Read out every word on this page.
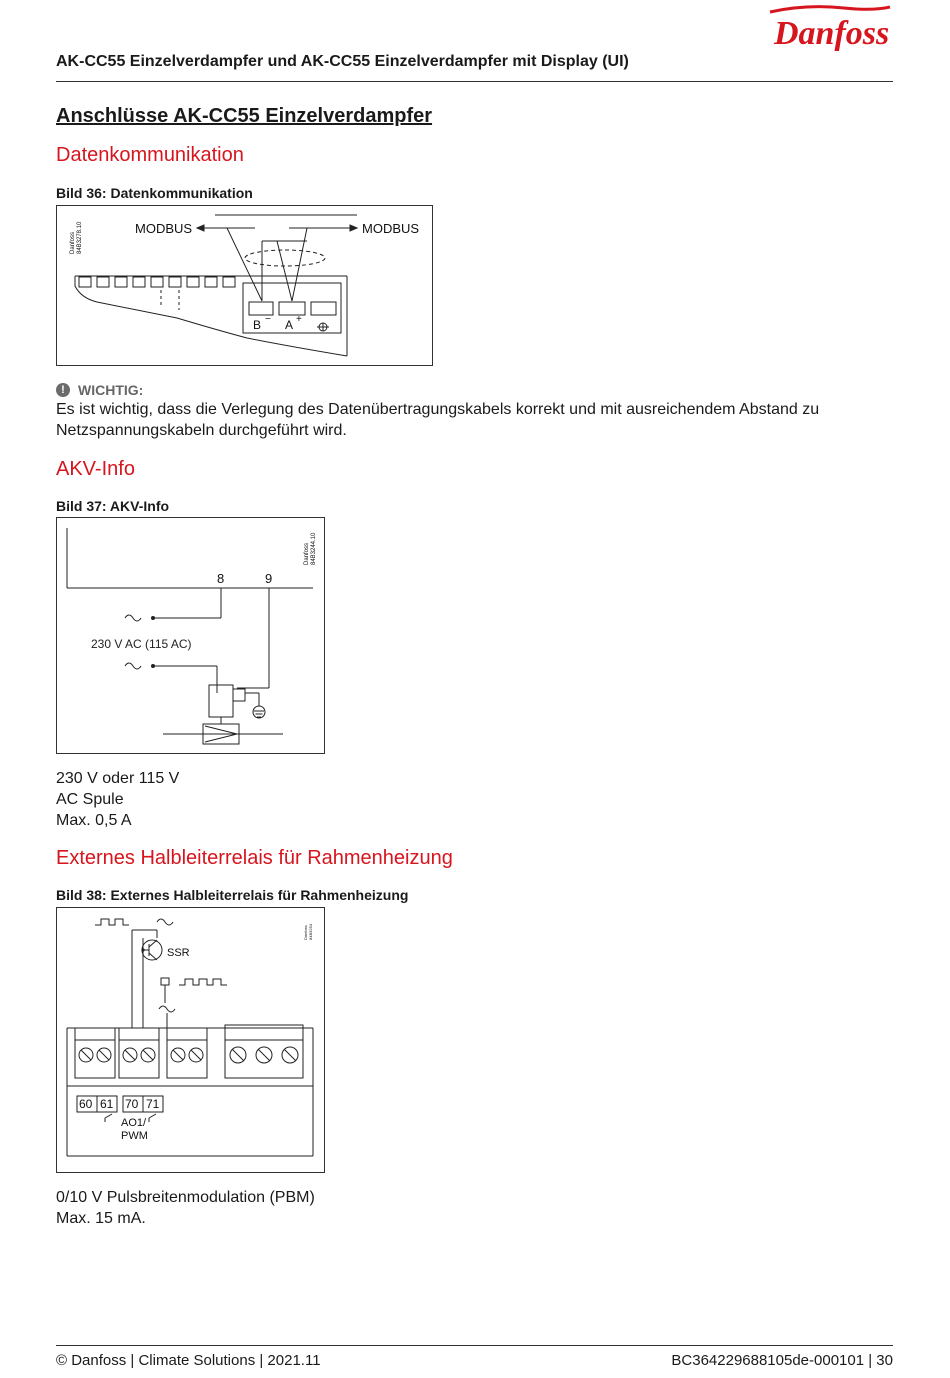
AK-CC55 Einzelverdampfer und AK-CC55 Einzelverdampfer mit Display (UI)
Danfoss
Anschlüsse AK-CC55 Einzelverdampfer
Datenkommunikation
Bild 36: Datenkommunikation
MODBUS	MODBUS
B − A +
Danfoss 84B3278.10
! WICHTIG:
Es ist wichtig, dass die Verlegung des Datenübertragungskabels korrekt und mit ausreichendem Abstand zu Netzspannungskabeln durchgeführt wird.
AKV-Info
Bild 37: AKV-Info
8	9
230 V AC (115 AC)
Danfoss 84B3244.10
230 V oder 115 V
AC Spule
Max. 0,5 A
Externes Halbleiterrelais für Rahmenheizung
Bild 38: Externes Halbleiterrelais für Rahmenheizung
SSR
60 61 70 71
AO1/
PWM
Danfoss 84B3254
0/10 V Pulsbreitenmodulation (PBM)
Max. 15 mA.
© Danfoss | Climate Solutions | 2021.11	BC364229688105de-000101 | 30
